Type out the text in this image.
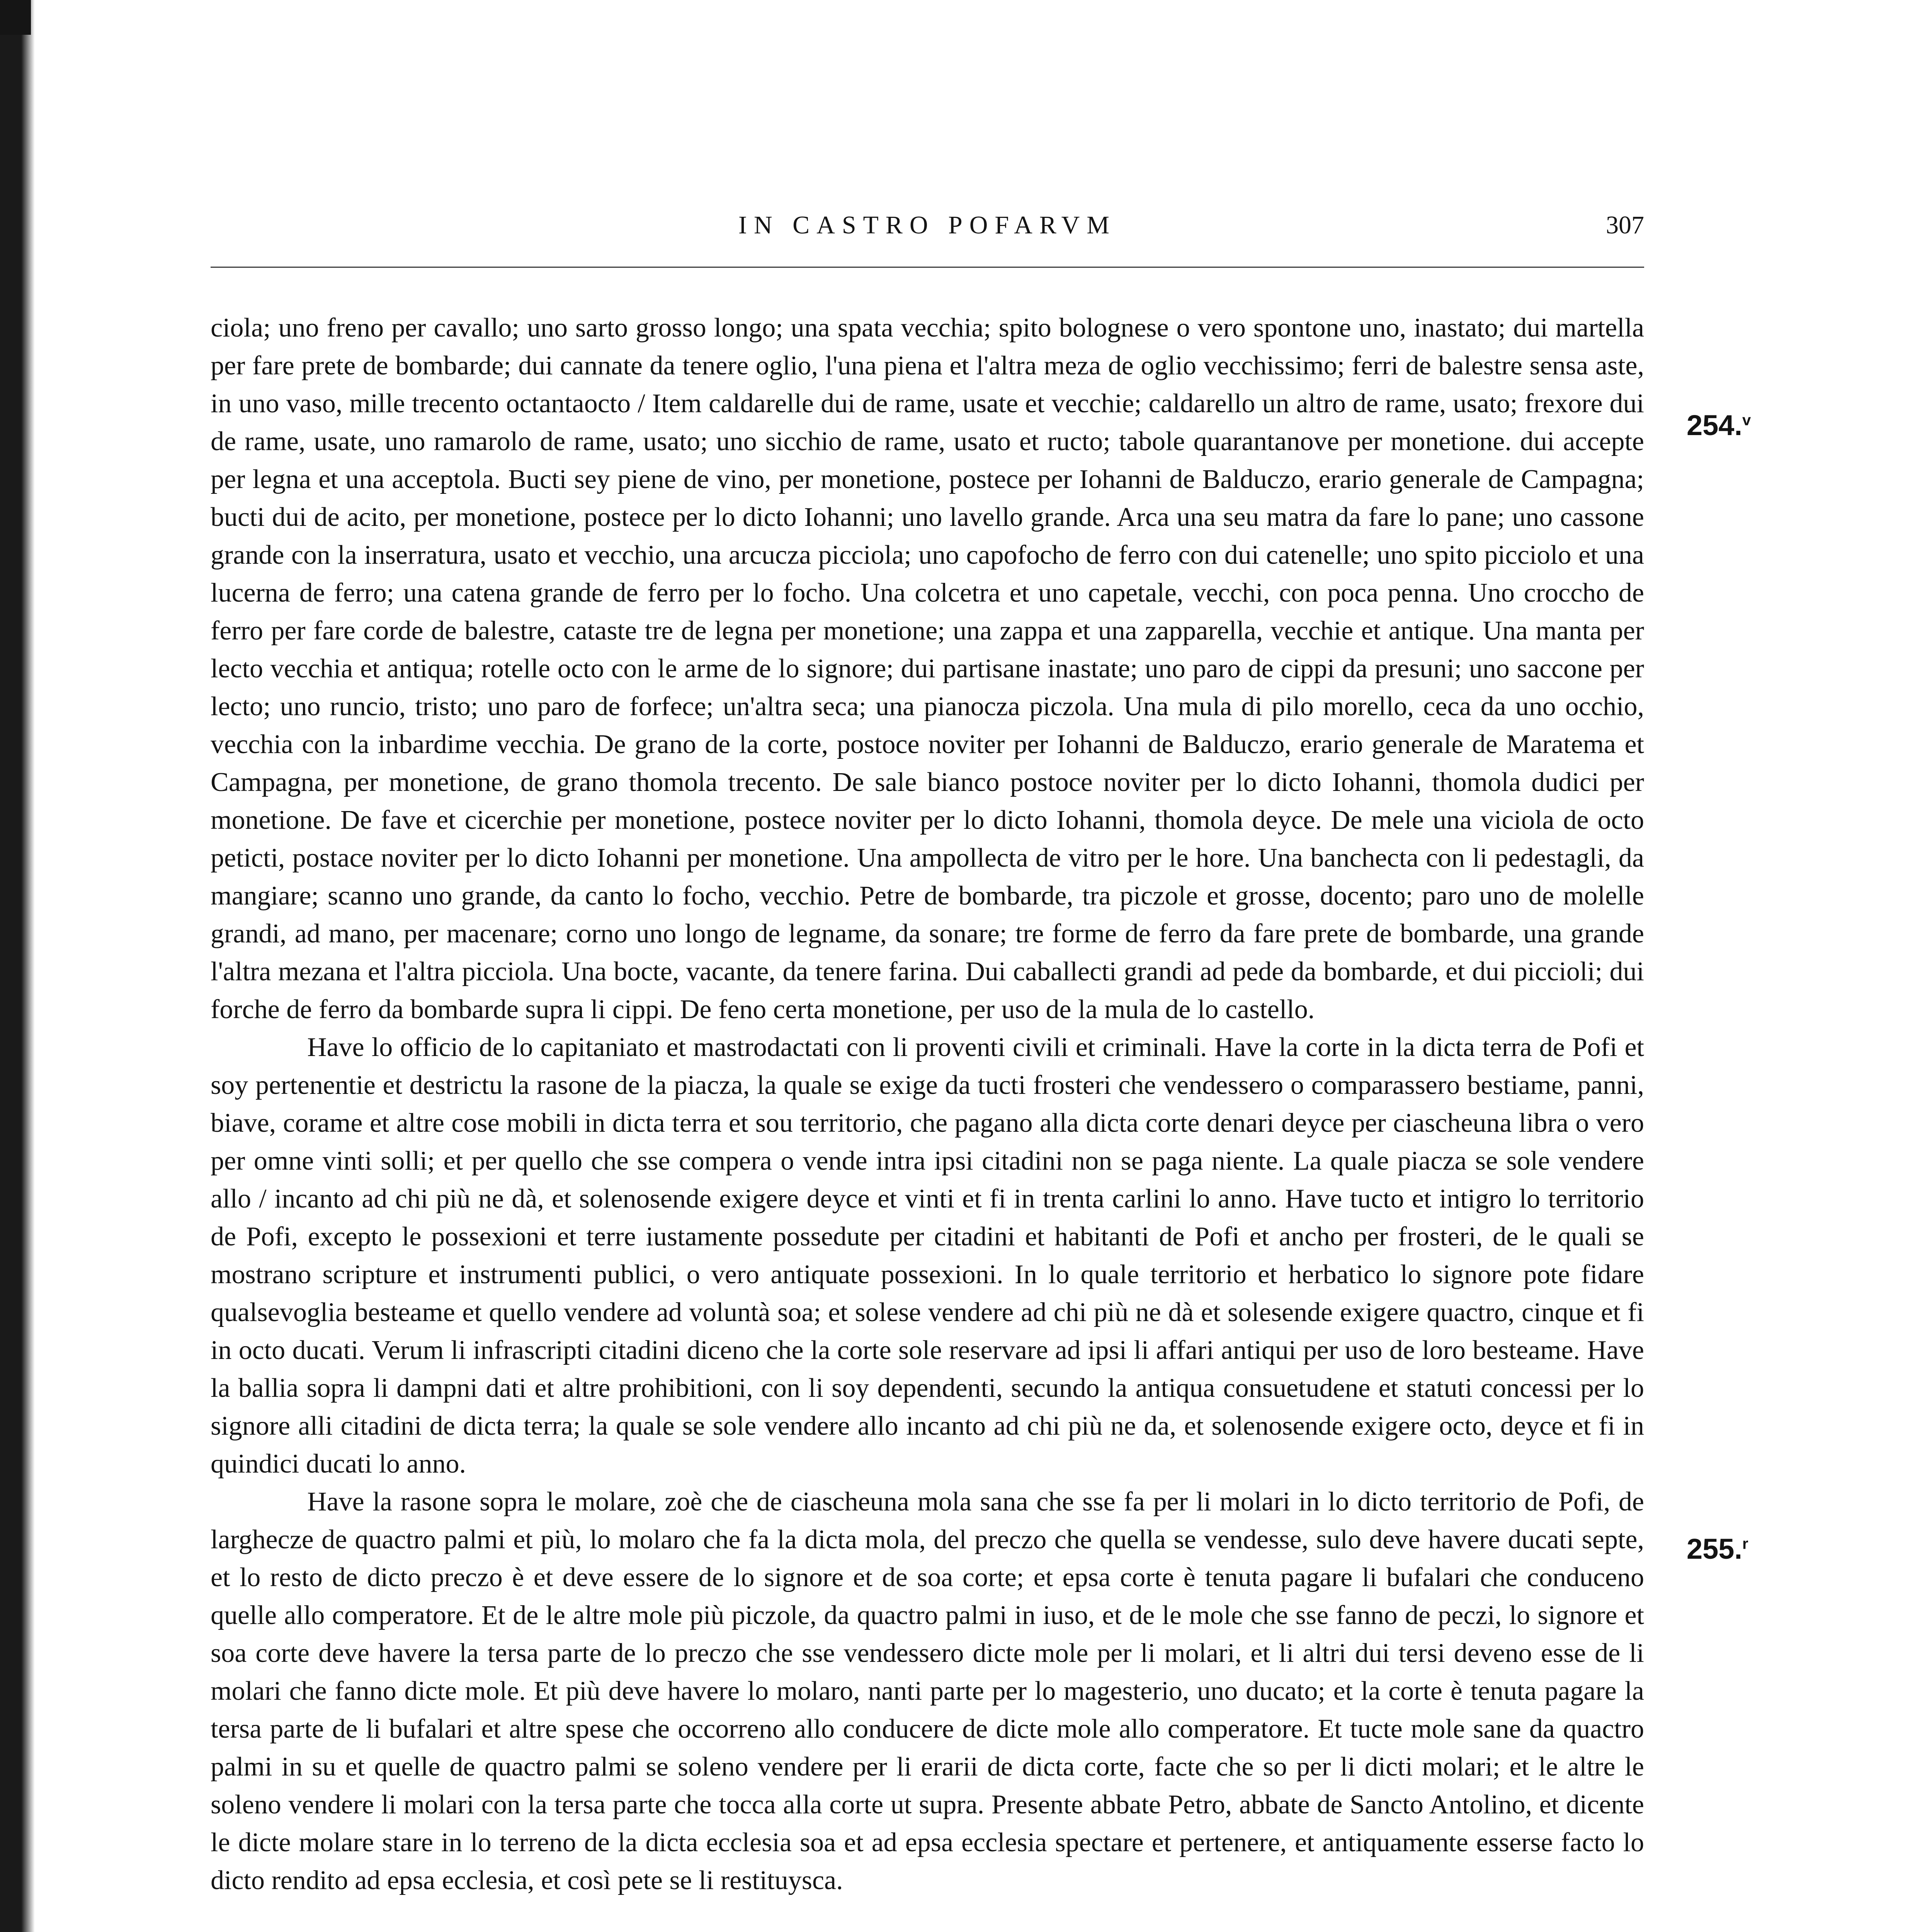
IN CASTRO POFARVM	307

ciola; uno freno per cavallo; uno sarto grosso longo; una spata vecchia; spito bolognese o vero spontone uno, inastato; dui martella per fare prete de bombarde; dui cannate da tenere oglio, l'una piena et l'altra meza de oglio vecchissimo; ferri de balestre sensa aste, in uno vaso, mille trecento octantaocto / Item caldarelle dui de rame, usate et vecchie; caldarello un altro de rame, usato; frexore dui de rame, usate, uno ramarolo de rame, usato; uno sicchio de rame, usato et ructo; tabole quarantanove per monetione. dui accepte per legna et una acceptola. Bucti sey piene de vino, per monetione, postece per Iohanni de Balduczo, erario generale de Campagna; bucti dui de acito, per monetione, postece per lo dicto Iohanni; uno lavello grande. Arca una seu matra da fare lo pane; uno cassone grande con la inserratura, usato et vecchio, una arcucza picciola; uno capofocho de ferro con dui catenelle; uno spito picciolo et una lucerna de ferro; una catena grande de ferro per lo focho. Una colcetra et uno capetale, vecchi, con poca penna. Uno croccho de ferro per fare corde de balestre, cataste tre de legna per monetione; una zappa et una zapparella, vecchie et antique. Una manta per lecto vecchia et antiqua; rotelle octo con le arme de lo signore; dui partisane inastate; uno paro de cippi da presuni; uno saccone per lecto; uno runcio, tristo; uno paro de forfece; un'altra seca; una pianocza piczola. Una mula di pilo morello, ceca da uno occhio, vecchia con la inbardime vecchia. De grano de la corte, postoce noviter per Iohanni de Balduczo, erario generale de Maratema et Campagna, per monetione, de grano thomola trecento. De sale bianco postoce noviter per lo dicto Iohanni, thomola dudici per monetione. De fave et cicerchie per monetione, postece noviter per lo dicto Iohanni, thomola deyce. De mele una viciola de octo peticti, postace noviter per lo dicto Iohanni per monetione. Una ampollecta de vitro per le hore. Una banchecta con li pedestagli, da mangiare; scanno uno grande, da canto lo focho, vecchio. Petre de bombarde, tra piczole et grosse, docento; paro uno de molelle grandi, ad mano, per macenare; corno uno longo de legname, da sonare; tre forme de ferro da fare prete de bombarde, una grande l'altra mezana et l'altra picciola. Una bocte, vacante, da tenere farina. Dui caballecti grandi ad pede da bombarde, et dui piccioli; dui forche de ferro da bombarde supra li cippi. De feno certa monetione, per uso de la mula de lo castello.

Have lo officio de lo capitaniato et mastrodactati con li proventi civili et criminali. Have la corte in la dicta terra de Pofi et soy pertenentie et destrictu la rasone de la piacza, la quale se exige da tucti frosteri che vendessero o comparassero bestiame, panni, biave, corame et altre cose mobili in dicta terra et sou territorio, che pagano alla dicta corte denari deyce per ciascheuna libra o vero per omne vinti solli; et per quello che sse compera o vende intra ipsi citadini non se paga niente. La quale piacza se sole vendere allo / incanto ad chi più ne dà, et solenosende exigere deyce et vinti et fi in trenta carlini lo anno. Have tucto et intigro lo territorio de Pofi, excepto le possexioni et terre iustamente possedute per citadini et habitanti de Pofi et ancho per frosteri, de le quali se mostrano scripture et instrumenti publici, o vero antiquate possexioni. In lo quale territorio et herbatico lo signore pote fidare qualsevoglia besteame et quello vendere ad voluntà soa; et solese vendere ad chi più ne dà et solesende exigere quactro, cinque et fi in octo ducati. Verum li infrascripti citadini diceno che la corte sole reservare ad ipsi li affari antiqui per uso de loro besteame. Have la ballia sopra li dampni dati et altre prohibitioni, con li soy dependenti, secundo la antiqua consuetudene et statuti concessi per lo signore alli citadini de dicta terra; la quale se sole vendere allo incanto ad chi più ne da, et solenosende exigere octo, deyce et fi in quindici ducati lo anno.

Have la rasone sopra le molare, zoè che de ciascheuna mola sana che sse fa per li molari in lo dicto territorio de Pofi, de larghecze de quactro palmi et più, lo molaro che fa la dicta mola, del preczo che quella se vendesse, sulo deve havere ducati septe, et lo resto de dicto preczo è et deve essere de lo signore et de soa corte; et epsa corte è tenuta pagare li bufalari che conduceno quelle allo comperatore. Et de le altre mole più piczole, da quactro palmi in iuso, et de le mole che sse fanno de peczi, lo signore et soa corte deve havere la tersa parte de lo preczo che sse vendessero dicte mole per li molari, et li altri dui tersi deveno esse de li molari che fanno dicte mole. Et più deve havere lo molaro, nanti parte per lo magesterio, uno ducato; et la corte è tenuta pagare la tersa parte de li bufalari et altre spese che occorreno allo conducere de dicte mole allo comperatore. Et tucte mole sane da quactro palmi in su et quelle de quactro palmi se soleno vendere per li erarii de dicta corte, facte che so per li dicti molari; et le altre le soleno vendere li molari con la tersa parte che tocca alla corte ut supra. Presente abbate Petro, abbate de Sancto Antolino, et dicente le dicte molare stare in lo terreno de la dicta ecclesia soa et ad epsa ecclesia spectare et pertenere, et antiquamente esserse facto lo dicto rendito ad epsa ecclesia, et così pete se li restituysca.

254.$^v$
255.$^r$
